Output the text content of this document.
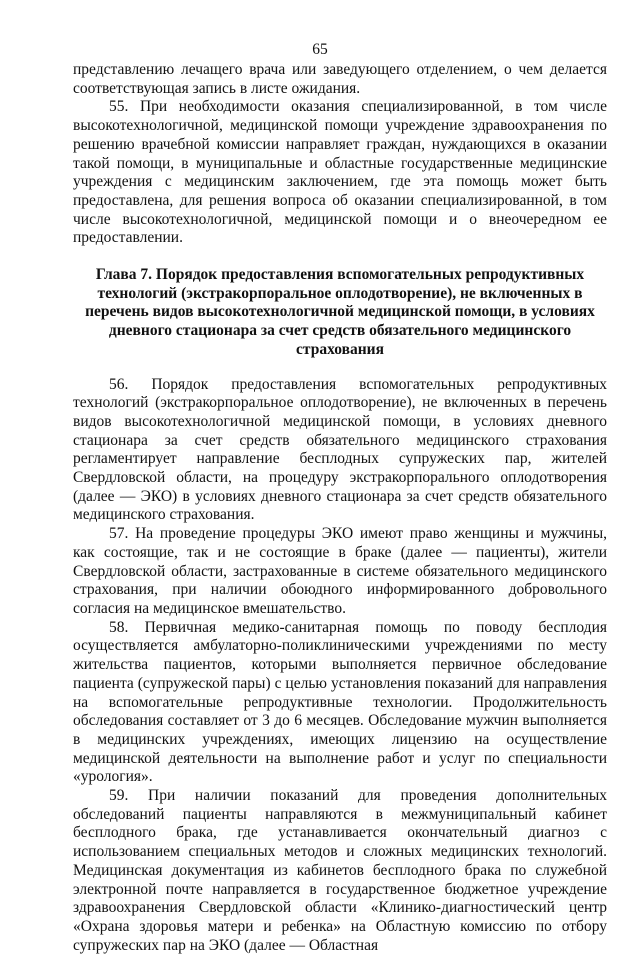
65

представлению лечащего врача или заведующего отделением, о чем делается соответствующая запись в листе ожидания.

55. При необходимости оказания специализированной, в том числе высокотехнологичной, медицинской помощи учреждение здравоохранения по решению врачебной комиссии направляет граждан, нуждающихся в оказании такой помощи, в муниципальные и областные государственные медицинские учреждения с медицинским заключением, где эта помощь может быть предоставлена, для решения вопроса об оказании специализированной, в том числе высокотехнологичной, медицинской помощи и о внеочередном ее предоставлении.

Глава 7. Порядок предоставления вспомогательных репродуктивных технологий (экстракорпоральное оплодотворение), не включенных в перечень видов высокотехнологичной медицинской помощи, в условиях дневного стационара за счет средств обязательного медицинского страхования

56. Порядок предоставления вспомогательных репродуктивных технологий (экстракорпоральное оплодотворение), не включенных в перечень видов высокотехнологичной медицинской помощи, в условиях дневного стационара за счет средств обязательного медицинского страхования регламентирует направление бесплодных супружеских пар, жителей Свердловской области, на процедуру экстракорпорального оплодотворения (далее — ЭКО) в условиях дневного стационара за счет средств обязательного медицинского страхования.

57. На проведение процедуры ЭКО имеют право женщины и мужчины, как состоящие, так и не состоящие в браке (далее — пациенты), жители Свердловской области, застрахованные в системе обязательного медицинского страхования, при наличии обоюдного информированного добровольного согласия на медицинское вмешательство.

58. Первичная медико-санитарная помощь по поводу бесплодия осуществляется амбулаторно-поликлиническими учреждениями по месту жительства пациентов, которыми выполняется первичное обследование пациента (супружеской пары) с целью установления показаний для направления на вспомогательные репродуктивные технологии. Продолжительность обследования составляет от 3 до 6 месяцев. Обследование мужчин выполняется в медицинских учреждениях, имеющих лицензию на осуществление медицинской деятельности на выполнение работ и услуг по специальности «урология».

59. При наличии показаний для проведения дополнительных обследований пациенты направляются в межмуниципальный кабинет бесплодного брака, где устанавливается окончательный диагноз с использованием специальных методов и сложных медицинских технологий. Медицинская документация из кабинетов бесплодного брака по служебной электронной почте направляется в государственное бюджетное учреждение здравоохранения Свердловской области «Клинико-диагностический центр «Охрана здоровья матери и ребенка» на Областную комиссию по отбору супружеских пар на ЭКО (далее — Областная
